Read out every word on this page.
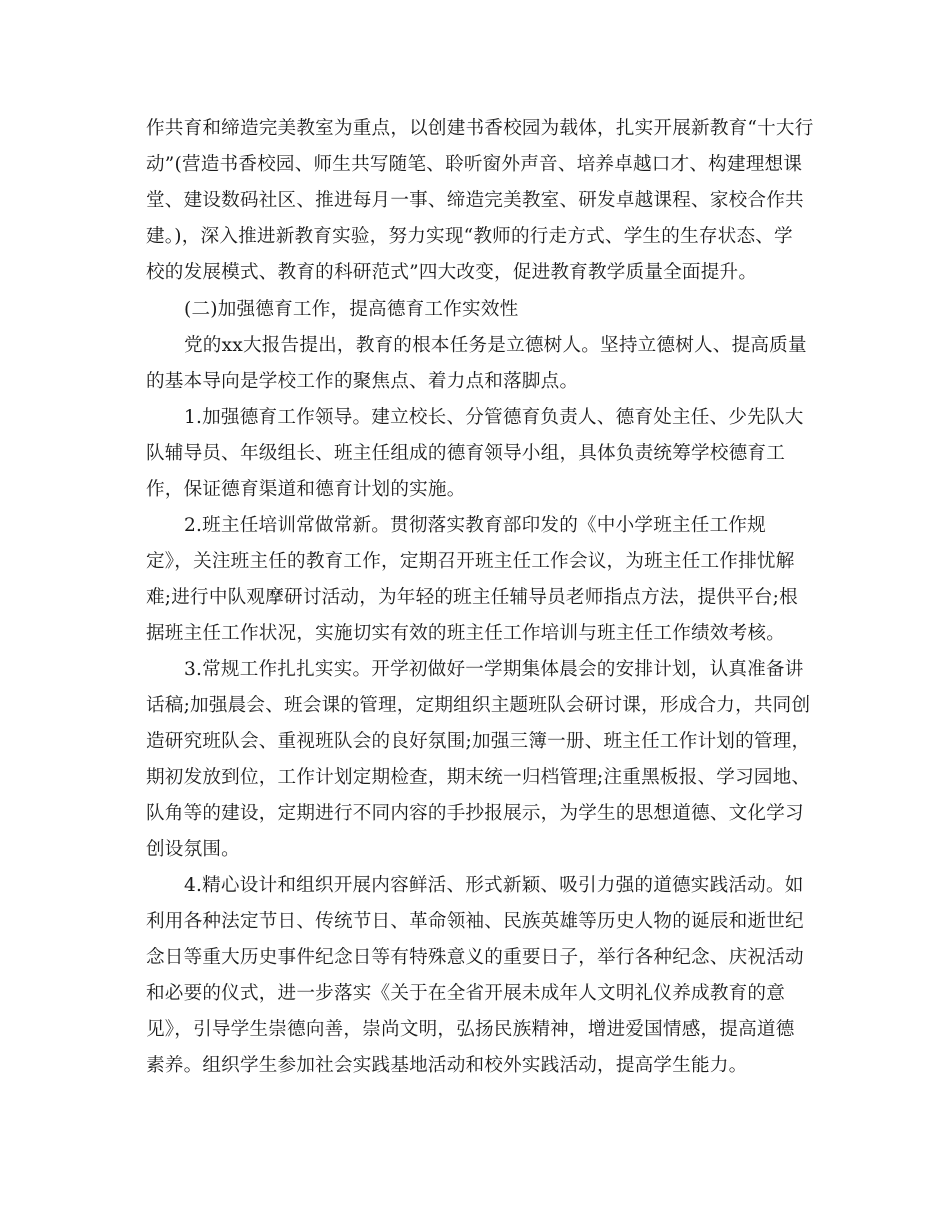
作共育和缔造完美教室为重点，以创建书香校园为载体，扎实开展新教育“十大行
动”(营造书香校园、师生共写随笔、聆听窗外声音、培养卓越口才、构建理想课
堂、建设数码社区、推进每月一事、缔造完美教室、研发卓越课程、家校合作共
建。)，深入推进新教育实验，努力实现“教师的行走方式、学生的生存状态、学
校的发展模式、教育的科研范式”四大改变，促进教育教学质量全面提升。
(二)加强德育工作，提高德育工作实效性
党的xx大报告提出，教育的根本任务是立德树人。坚持立德树人、提高质量
的基本导向是学校工作的聚焦点、着力点和落脚点。
1.加强德育工作领导。建立校长、分管德育负责人、德育处主任、少先队大
队辅导员、年级组长、班主任组成的德育领导小组，具体负责统筹学校德育工
作，保证德育渠道和德育计划的实施。
2.班主任培训常做常新。贯彻落实教育部印发的《中小学班主任工作规
定》，关注班主任的教育工作，定期召开班主任工作会议，为班主任工作排忧解
难;进行中队观摩研讨活动，为年轻的班主任辅导员老师指点方法，提供平台;根
据班主任工作状况，实施切实有效的班主任工作培训与班主任工作绩效考核。
3.常规工作扎扎实实。开学初做好一学期集体晨会的安排计划，认真准备讲
话稿;加强晨会、班会课的管理，定期组织主题班队会研讨课，形成合力，共同创
造研究班队会、重视班队会的良好氛围;加强三簿一册、班主任工作计划的管理，
期初发放到位，工作计划定期检查，期末统一归档管理;注重黑板报、学习园地、
队角等的建设，定期进行不同内容的手抄报展示，为学生的思想道德、文化学习
创设氛围。
4.精心设计和组织开展内容鲜活、形式新颖、吸引力强的道德实践活动。如
利用各种法定节日、传统节日、革命领袖、民族英雄等历史人物的诞辰和逝世纪
念日等重大历史事件纪念日等有特殊意义的重要日子，举行各种纪念、庆祝活动
和必要的仪式，进一步落实《关于在全省开展未成年人文明礼仪养成教育的意
见》，引导学生崇德向善，崇尚文明，弘扬民族精神，增进爱国情感，提高道德
素养。组织学生参加社会实践基地活动和校外实践活动，提高学生能力。
